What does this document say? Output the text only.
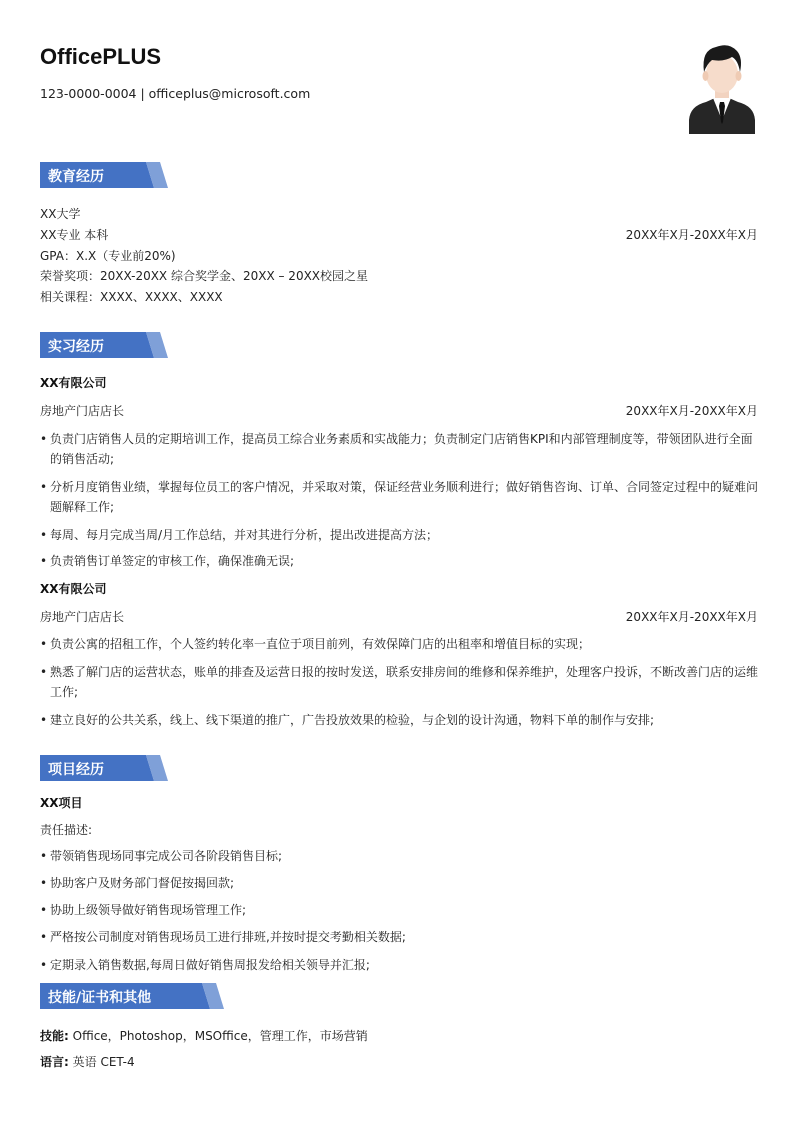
OfficePLUS
123-0000-0004 | officeplus@microsoft.com
教育经历
XX大学
XX专业 本科	20XX年X月-20XX年X月
GPA：X.X（专业前20%)
荣誉奖项：20XX-20XX 综合奖学金、20XX – 20XX校园之星
相关课程：XXXX、XXXX、XXXX
实习经历
XX有限公司
房地产门店店长	20XX年X月-20XX年X月
• 负责门店销售人员的定期培训工作，提高员工综合业务素质和实战能力；负责制定门店销售KPI和内部管理制度等，带领团队进行全面的销售活动;
• 分析月度销售业绩，掌握每位员工的客户情况，并采取对策，保证经营业务顺利进行；做好销售咨询、订单、合同签定过程中的疑难问题解释工作;
• 每周、每月完成当周/月工作总结，并对其进行分析，提出改进提高方法；
• 负责销售订单签定的审核工作，确保准确无误;
XX有限公司
房地产门店店长	20XX年X月-20XX年X月
• 负责公寓的招租工作，个人签约转化率一直位于项目前列，有效保障门店的出租率和增值目标的实现；
• 熟悉了解门店的运营状态，账单的排查及运营日报的按时发送，联系安排房间的维修和保养维护，处理客户投诉，不断改善门店的运维工作;
• 建立良好的公共关系，线上、线下渠道的推广，广告投放效果的检验，与企划的设计沟通，物料下单的制作与安排;
项目经历
XX项目
责任描述:
• 带领销售现场同事完成公司各阶段销售目标;
• 协助客户及财务部门督促按揭回款;
• 协助上级领导做好销售现场管理工作;
• 严格按公司制度对销售现场员工进行排班,并按时提交考勤相关数据;
• 定期录入销售数据,每周日做好销售周报发给相关领导并汇报;
技能/证书和其他
技能: Office，Photoshop，MSOffice，管理工作，市场营销
语言: 英语 CET-4
